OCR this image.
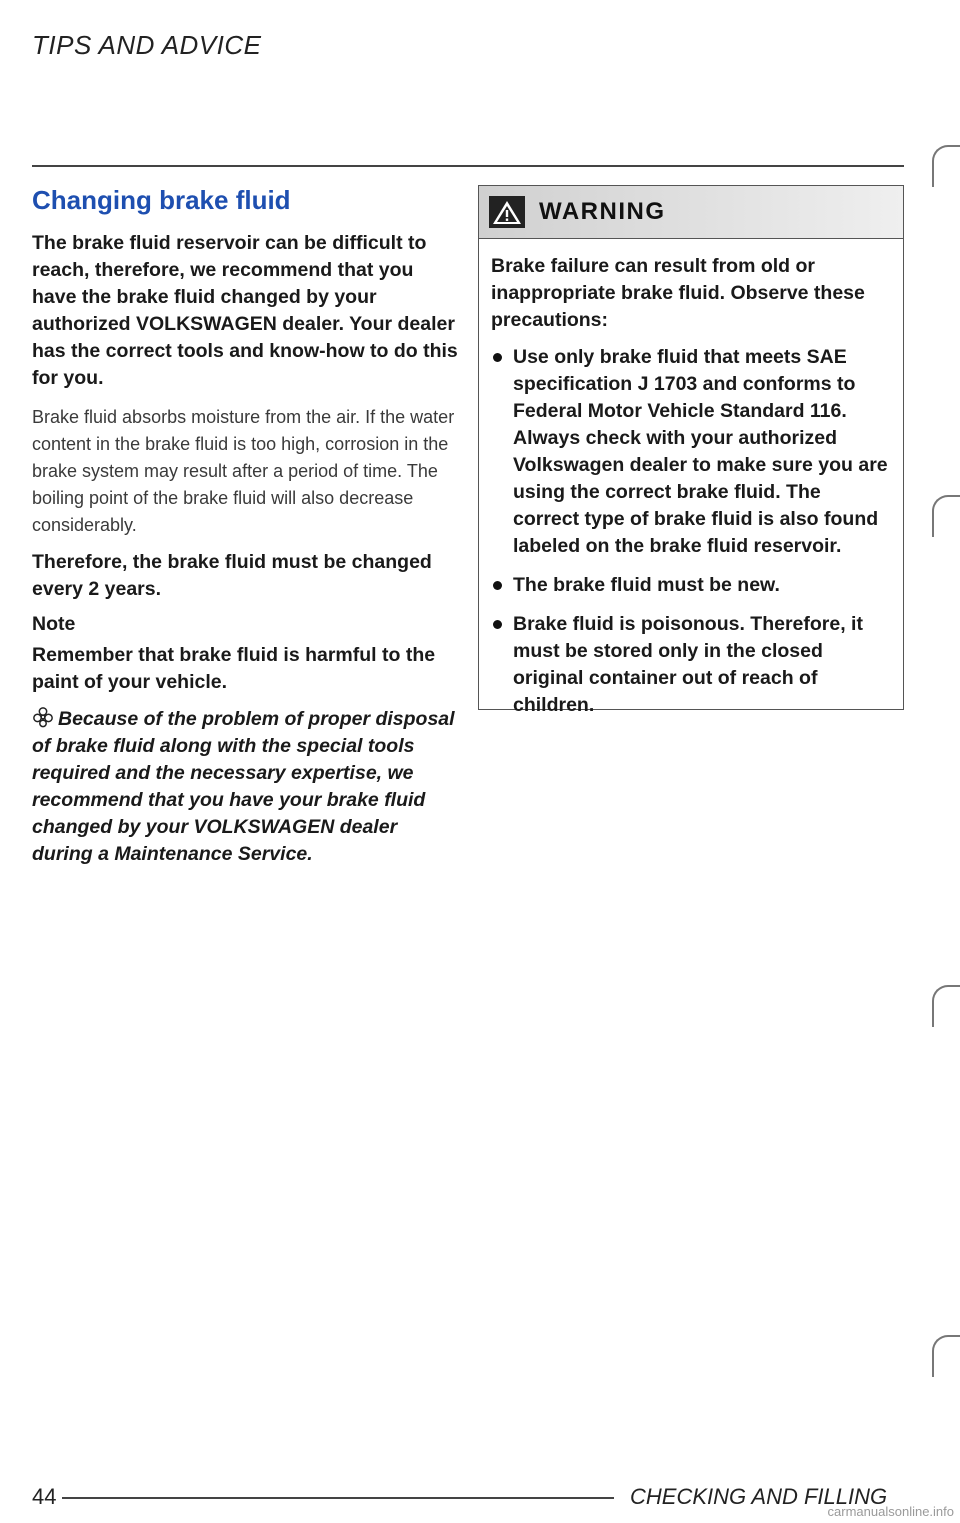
TIPS AND ADVICE
Changing brake fluid

The brake fluid reservoir can be difficult to reach, therefore, we recommend that you have the brake fluid changed by your authorized VOLKSWAGEN dealer. Your dealer has the correct tools and know-how to do this for you.

Brake fluid absorbs moisture from the air. If the water content in the brake fluid is too high, corrosion in the brake system may result after a period of time. The boiling point of the brake fluid will also decrease considerably.

Therefore, the brake fluid must be changed every 2 years.

Note

Remember that brake fluid is harmful to the paint of your vehicle.

Because of the problem of proper disposal of brake fluid along with the special tools required and the necessary expertise, we recommend that you have your brake fluid changed by your VOLKSWAGEN dealer during a Maintenance Service.

WARNING

Brake failure can result from old or inappropriate brake fluid. Observe these precautions:

Use only brake fluid that meets SAE specification J 1703 and conforms to Federal Motor Vehicle Standard 116. Always check with your authorized Volkswagen dealer to make sure you are using the correct brake fluid. The correct type of brake fluid is also found labeled on the brake fluid reservoir.

The brake fluid must be new.

Brake fluid is poisonous. Therefore, it must be stored only in the closed original container out of reach of children.

44	CHECKING AND FILLING
carmanualsonline.info
